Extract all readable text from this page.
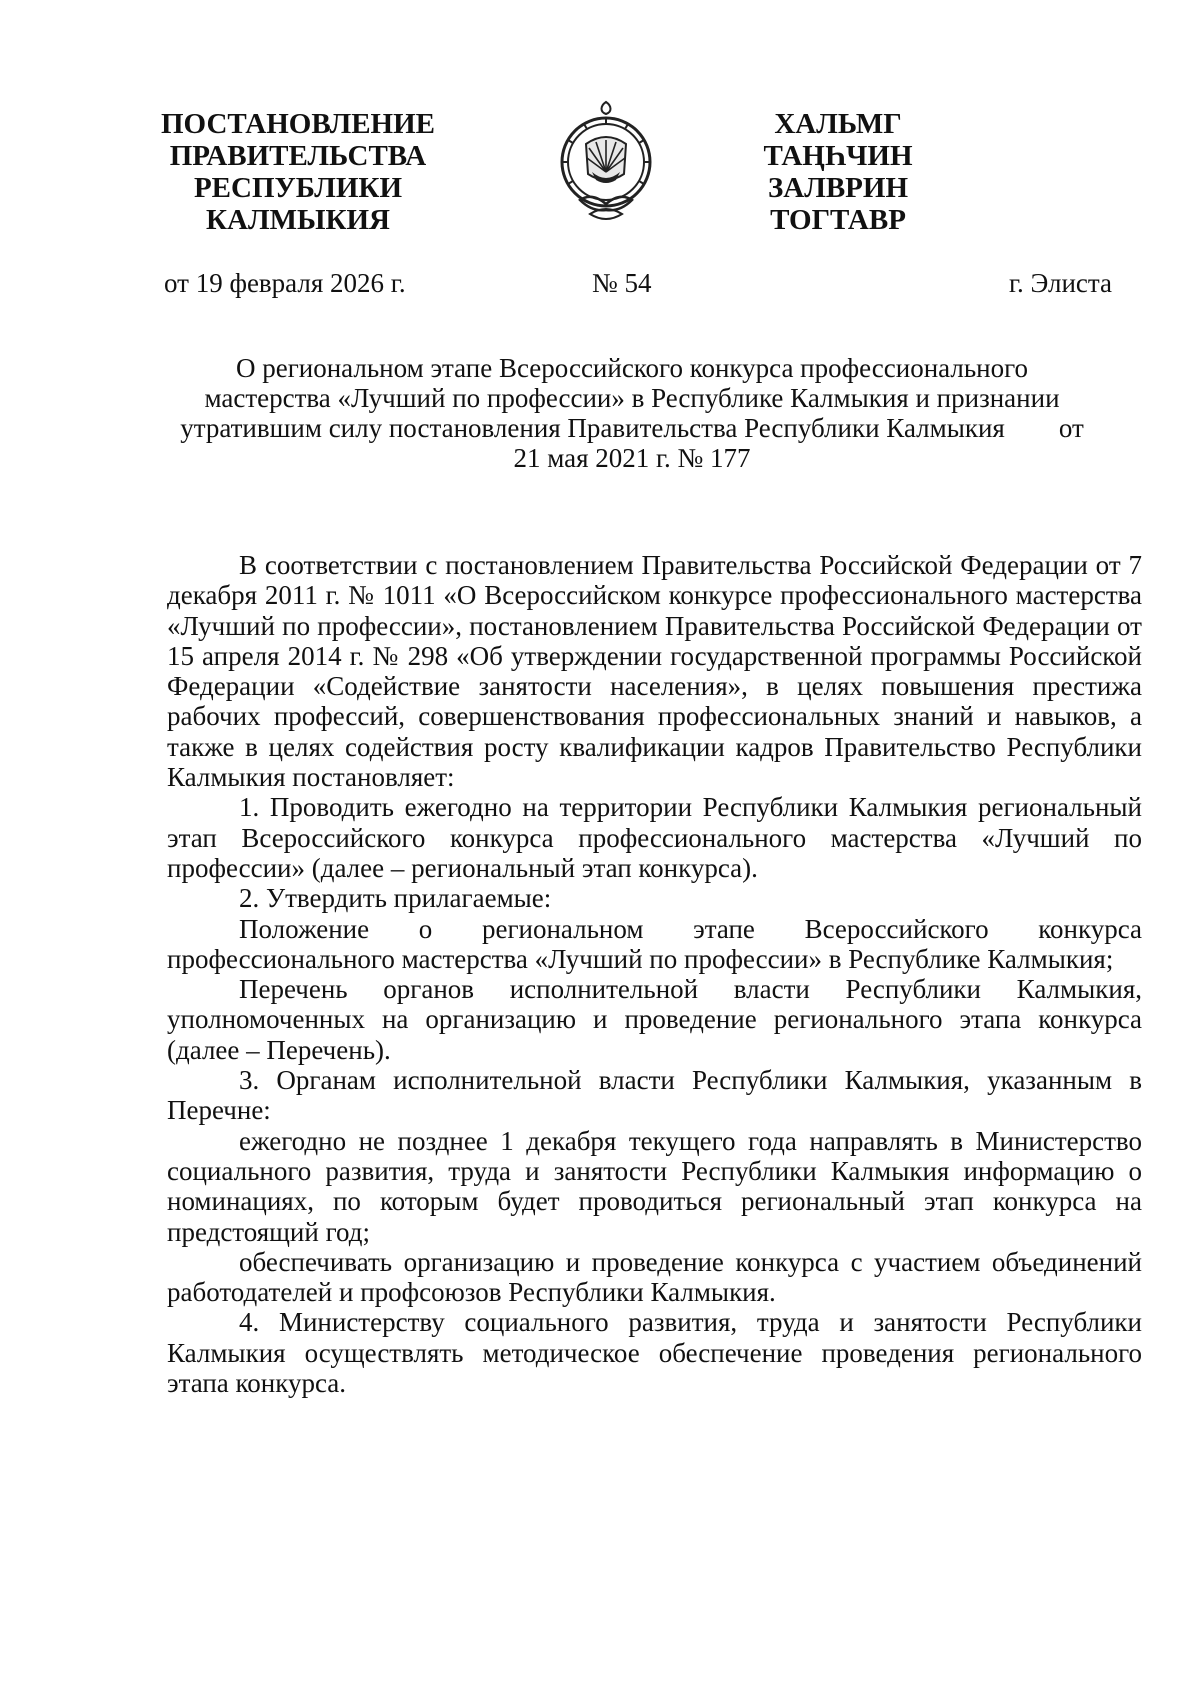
ПОСТАНОВЛЕНИЕ
ПРАВИТЕЛЬСТВА
РЕСПУБЛИКИ
КАЛМЫКИЯ
ХАЛЬМГ
ТАҢҺЧИН
ЗАЛВРИН
ТОГТАВР
от 19 февраля 2026 г.	№ 54	г. Элиста
О региональном этапе Всероссийского конкурса профессионального
мастерства «Лучший по профессии» в Республике Калмыкия и признании
утратившим силу постановления Правительства Республики Калмыкия        от
21 мая 2021 г. № 177

В соответствии с постановлением Правительства Российской Федерации от 7 декабря 2011 г. № 1011 «О Всероссийском конкурсе профессионального мастерства «Лучший по профессии», постановлением Правительства Российской Федерации от 15 апреля 2014 г. № 298 «Об утверждении государственной программы Российской Федерации «Содействие занятости населения», в целях повышения престижа рабочих профессий, совершенствования профессиональных знаний и навыков, а также в целях содействия росту квалификации кадров Правительство Республики Калмыкия постановляет:

1. Проводить ежегодно на территории Республики Калмыкия региональный этап Всероссийского конкурса профессионального мастерства «Лучший по профессии» (далее – региональный этап конкурса).

2. Утвердить прилагаемые:

Положение о региональном этапе Всероссийского конкурса профессионального мастерства «Лучший по профессии» в Республике Калмыкия;

Перечень органов исполнительной власти Республики Калмыкия, уполномоченных на организацию и проведение регионального этапа конкурса (далее – Перечень).

3. Органам исполнительной власти Республики Калмыкия, указанным в Перечне:

ежегодно не позднее 1 декабря текущего года направлять в Министерство социального развития, труда и занятости Республики Калмыкия информацию о номинациях, по которым будет проводиться региональный этап конкурса на предстоящий год;

обеспечивать организацию и проведение конкурса с участием объединений работодателей и профсоюзов Республики Калмыкия.

4. Министерству социального развития, труда и занятости Республики Калмыкия осуществлять методическое обеспечение проведения регионального этапа конкурса.
